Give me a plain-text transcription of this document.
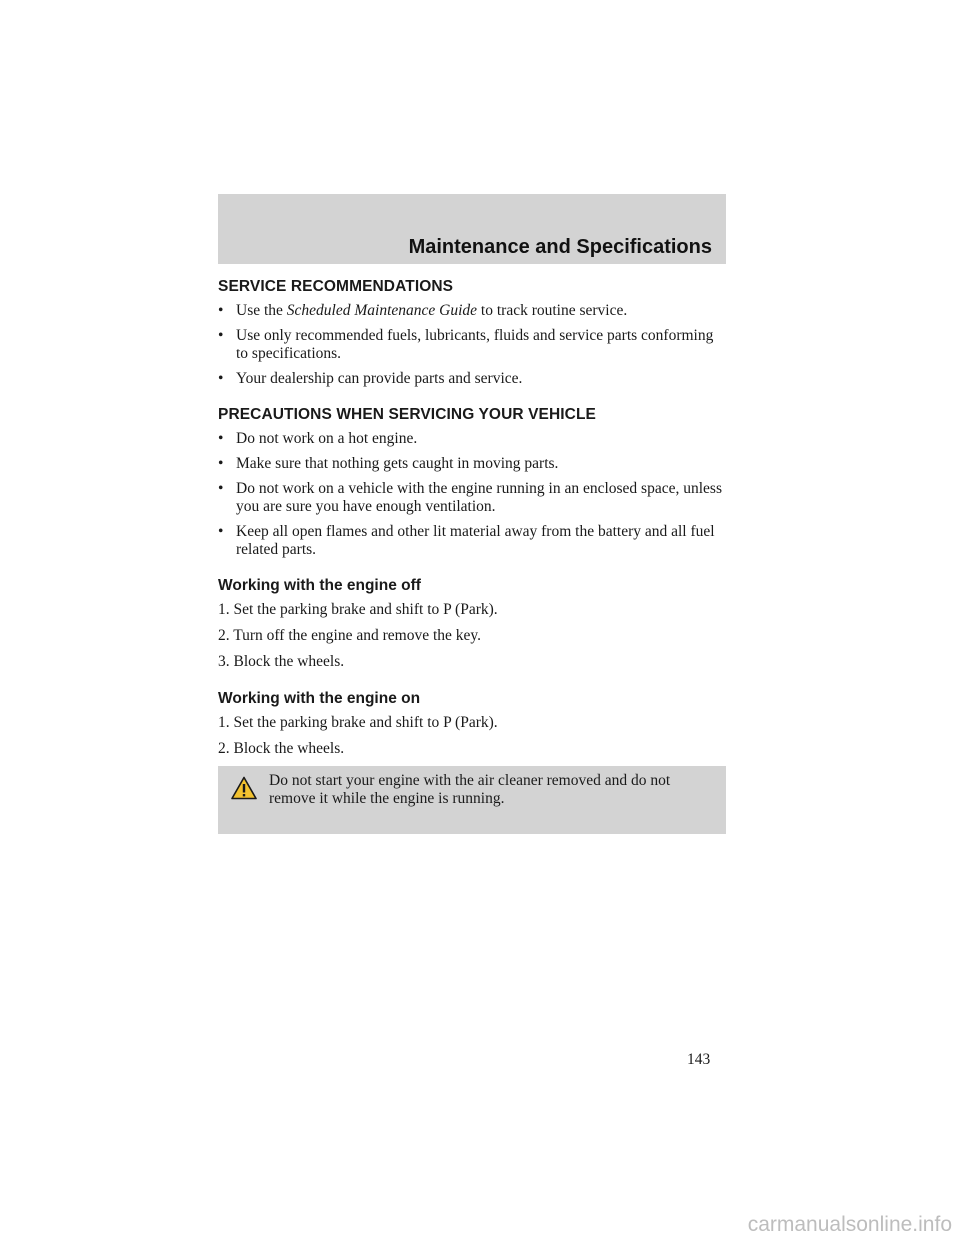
Maintenance and Specifications
SERVICE RECOMMENDATIONS
• Use the Scheduled Maintenance Guide to track routine service.
• Use only recommended fuels, lubricants, fluids and service parts conforming to specifications.
• Your dealership can provide parts and service.
PRECAUTIONS WHEN SERVICING YOUR VEHICLE
• Do not work on a hot engine.
• Make sure that nothing gets caught in moving parts.
• Do not work on a vehicle with the engine running in an enclosed space, unless you are sure you have enough ventilation.
• Keep all open flames and other lit material away from the battery and all fuel related parts.
Working with the engine off

1. Set the parking brake and shift to P (Park).

2. Turn off the engine and remove the key.

3. Block the wheels.

Working with the engine on

1. Set the parking brake and shift to P (Park).

2. Block the wheels.

Do not start your engine with the air cleaner removed and do not remove it while the engine is running.
143
carmanualsonline.info
